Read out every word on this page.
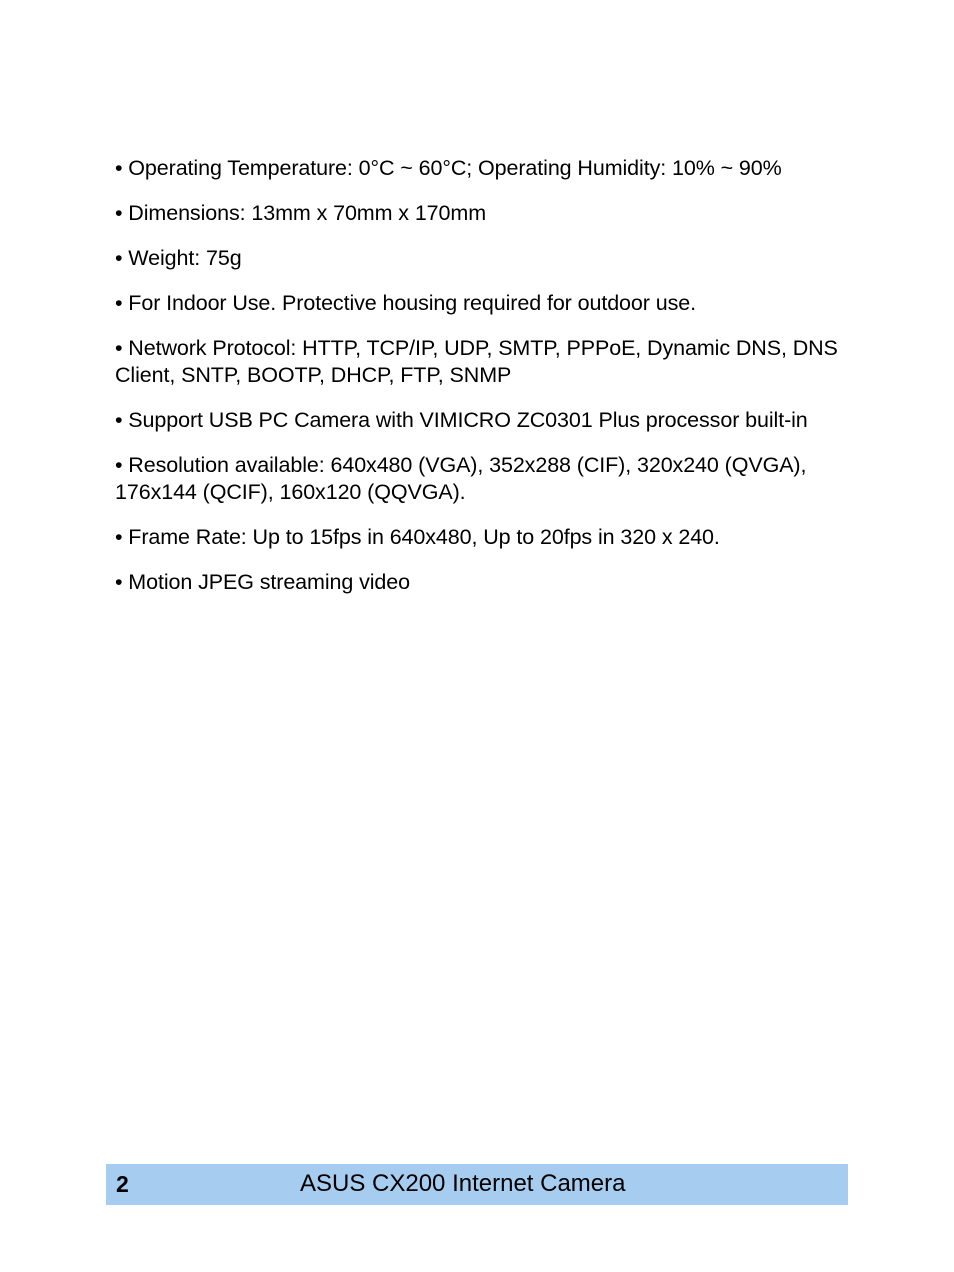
• Operating Temperature: 0°C ~ 60°C; Operating Humidity: 10% ~ 90%
• Dimensions: 13mm x 70mm x 170mm
• Weight: 75g
• For Indoor Use. Protective housing required for outdoor use.
• Network Protocol: HTTP, TCP/IP, UDP, SMTP, PPPoE, Dynamic DNS, DNS Client, SNTP, BOOTP, DHCP, FTP, SNMP
• Support USB PC Camera with VIMICRO ZC0301 Plus processor built-in
• Resolution available: 640x480 (VGA), 352x288 (CIF), 320x240 (QVGA), 176x144 (QCIF), 160x120 (QQVGA).
• Frame Rate: Up to 15fps in 640x480, Up to 20fps in 320 x 240.
• Motion JPEG streaming video
2	ASUS CX200 Internet Camera
